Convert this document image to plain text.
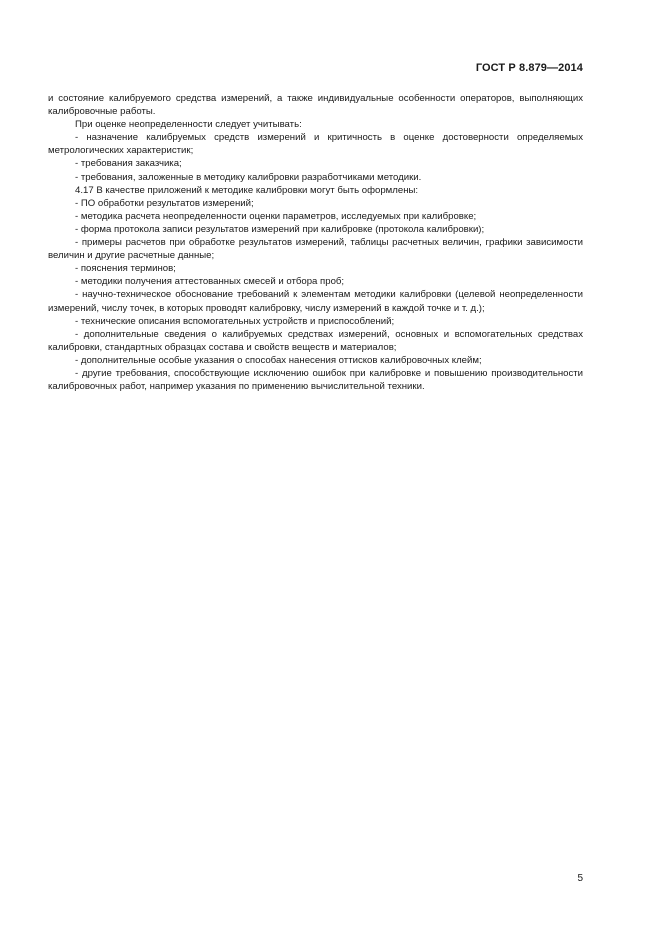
ГОСТ Р 8.879—2014

и состояние калибруемого средства измерений, а также индивидуальные особенности операторов, выполняющих калибровочные работы.

При оценке неопределенности следует учитывать:

- назначение калибруемых средств измерений и критичность в оценке достоверности определяемых метрологических характеристик;

- требования заказчика;

- требования, заложенные в методику калибровки разработчиками методики.

4.17 В качестве приложений к методике калибровки могут быть оформлены:

- ПО обработки результатов измерений;

- методика расчета неопределенности оценки параметров, исследуемых при калибровке;

- форма протокола записи результатов измерений при калибровке (протокола калибровки);

- примеры расчетов при обработке результатов измерений, таблицы расчетных величин, графики зависимости величин и другие расчетные данные;

- пояснения терминов;

- методики получения аттестованных смесей и отбора проб;

- научно-техническое обоснование требований к элементам методики калибровки (целевой неопределенности измерений, числу точек, в которых проводят калибровку, числу измерений в каждой точке и т. д.);

- технические описания вспомогательных устройств и приспособлений;

- дополнительные сведения о калибруемых средствах измерений, основных и вспомогательных средствах калибровки, стандартных образцах состава и свойств веществ и материалов;

- дополнительные особые указания о способах нанесения оттисков калибровочных клейм;

- другие требования, способствующие исключению ошибок при калибровке и повышению производительности калибровочных работ, например указания по применению вычислительной техники.

5
